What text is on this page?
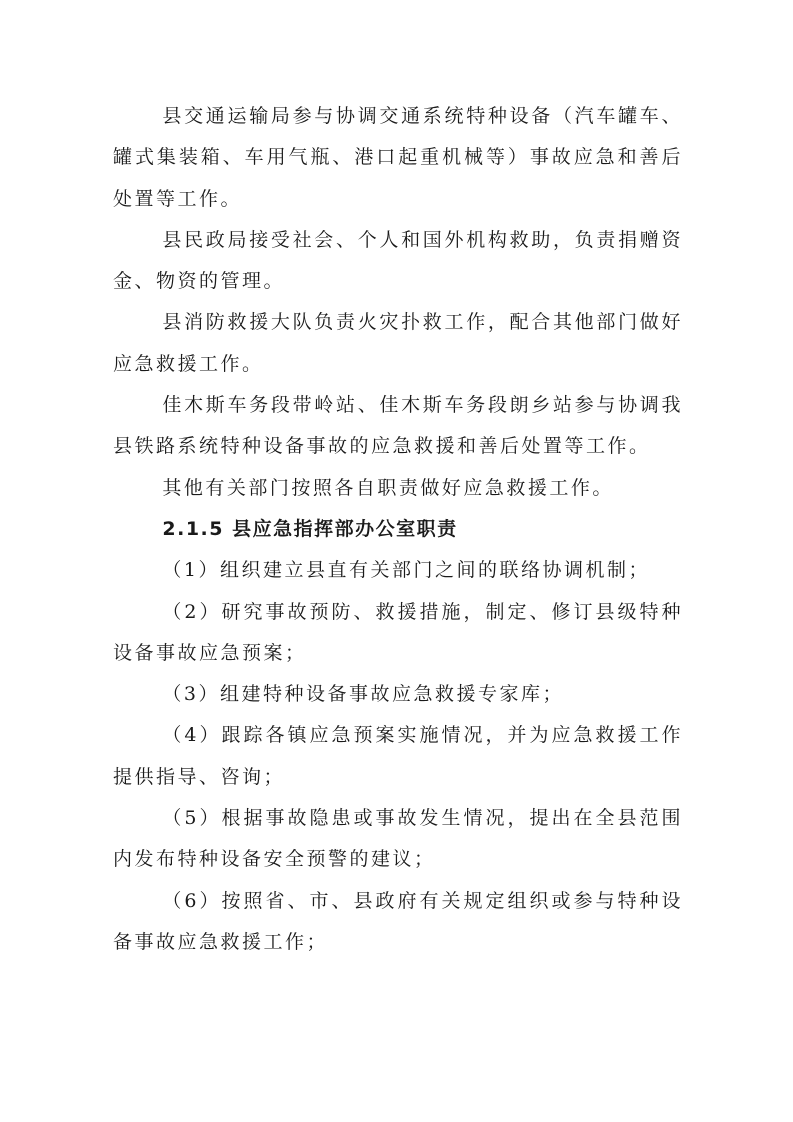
县交通运输局参与协调交通系统特种设备（汽车罐车、罐式集装箱、车用气瓶、港口起重机械等）事故应急和善后处置等工作。

县民政局接受社会、个人和国外机构救助，负责捐赠资金、物资的管理。

县消防救援大队负责火灾扑救工作，配合其他部门做好应急救援工作。

佳木斯车务段带岭站、佳木斯车务段朗乡站参与协调我县铁路系统特种设备事故的应急救援和善后处置等工作。

其他有关部门按照各自职责做好应急救援工作。

2.1.5 县应急指挥部办公室职责

（1）组织建立县直有关部门之间的联络协调机制；

（2）研究事故预防、救援措施，制定、修订县级特种设备事故应急预案；

（3）组建特种设备事故应急救援专家库；

（4）跟踪各镇应急预案实施情况，并为应急救援工作提供指导、咨询；

（5）根据事故隐患或事故发生情况，提出在全县范围内发布特种设备安全预警的建议；

（6）按照省、市、县政府有关规定组织或参与特种设备事故应急救援工作；
